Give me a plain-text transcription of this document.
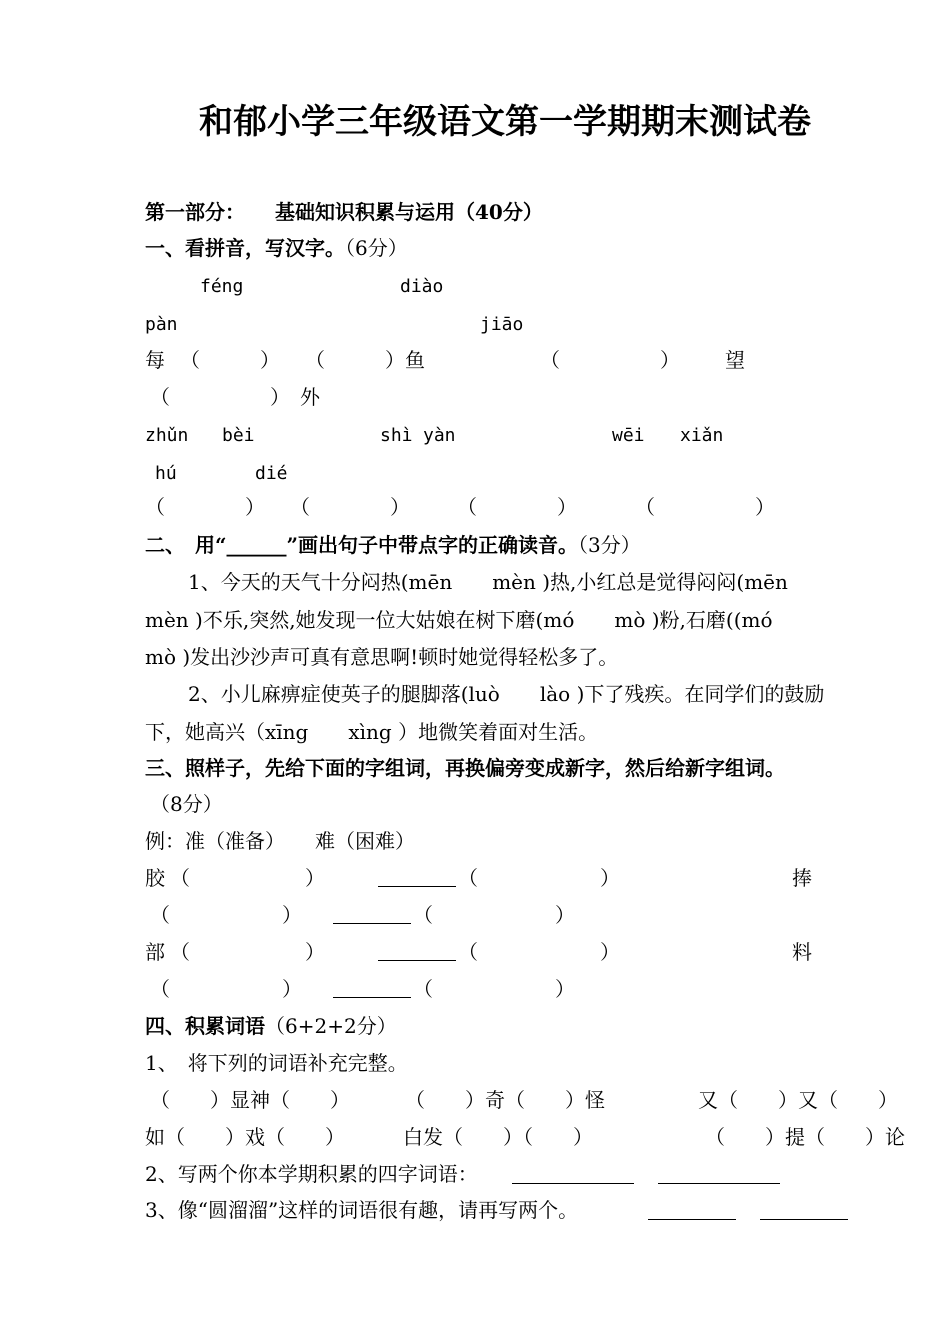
和郁小学三年级语文第一学期期末测试卷
第一部分：　　基础知识积累与运用（40分）
一、看拼音，写汉字。（6分）
féng	diào
pàn	jiāo
每 （　　　） （　　　）鱼	（　　　　　） 望
（　　　　　）　外
zhǔn bèi	shì yàn	wēi xiǎn
hú	dié
（　　　　） （　　　　） （　　　　）	（　　　　　）
二、　用“______”画出句子中带点字的正确读音。（3分）
1、今天的天气十分闷热(mēn　　mèn )热,小红总是觉得闷闷(mēn
mèn )不乐,突然,她发现一位大姑娘在树下磨(mó　　mò )粉,石磨((mó
mò )发出沙沙声可真有意思啊!顿时她觉得轻松多了。
2、小儿麻痹症使英子的腿脚落(luò　　lào )下了残疾。在同学们的鼓励
下，她高兴（xīng　　xìng ）地微笑着面对生活。
三、照样子，先给下面的字组词，再换偏旁变成新字，然后给新字组词。
（8分）
例：准（准备）　　难（困难）
胶 （	）	（	）	捧
（	）	（	）
部 （	）	（	）	料
（	）	（	）
四、积累词语（6+2+2分）
1、　将下列的词语补充完整。
（　　）显神（　　）	（　　）奇（　　）怪	又（　　）又（　　）
如（　　）戏（　　）	白发（　　）（　　）	（　　）提（　　）论
2、写两个你本学期积累的四字词语：
3、像“圆溜溜”这样的词语很有趣，请再写两个。
